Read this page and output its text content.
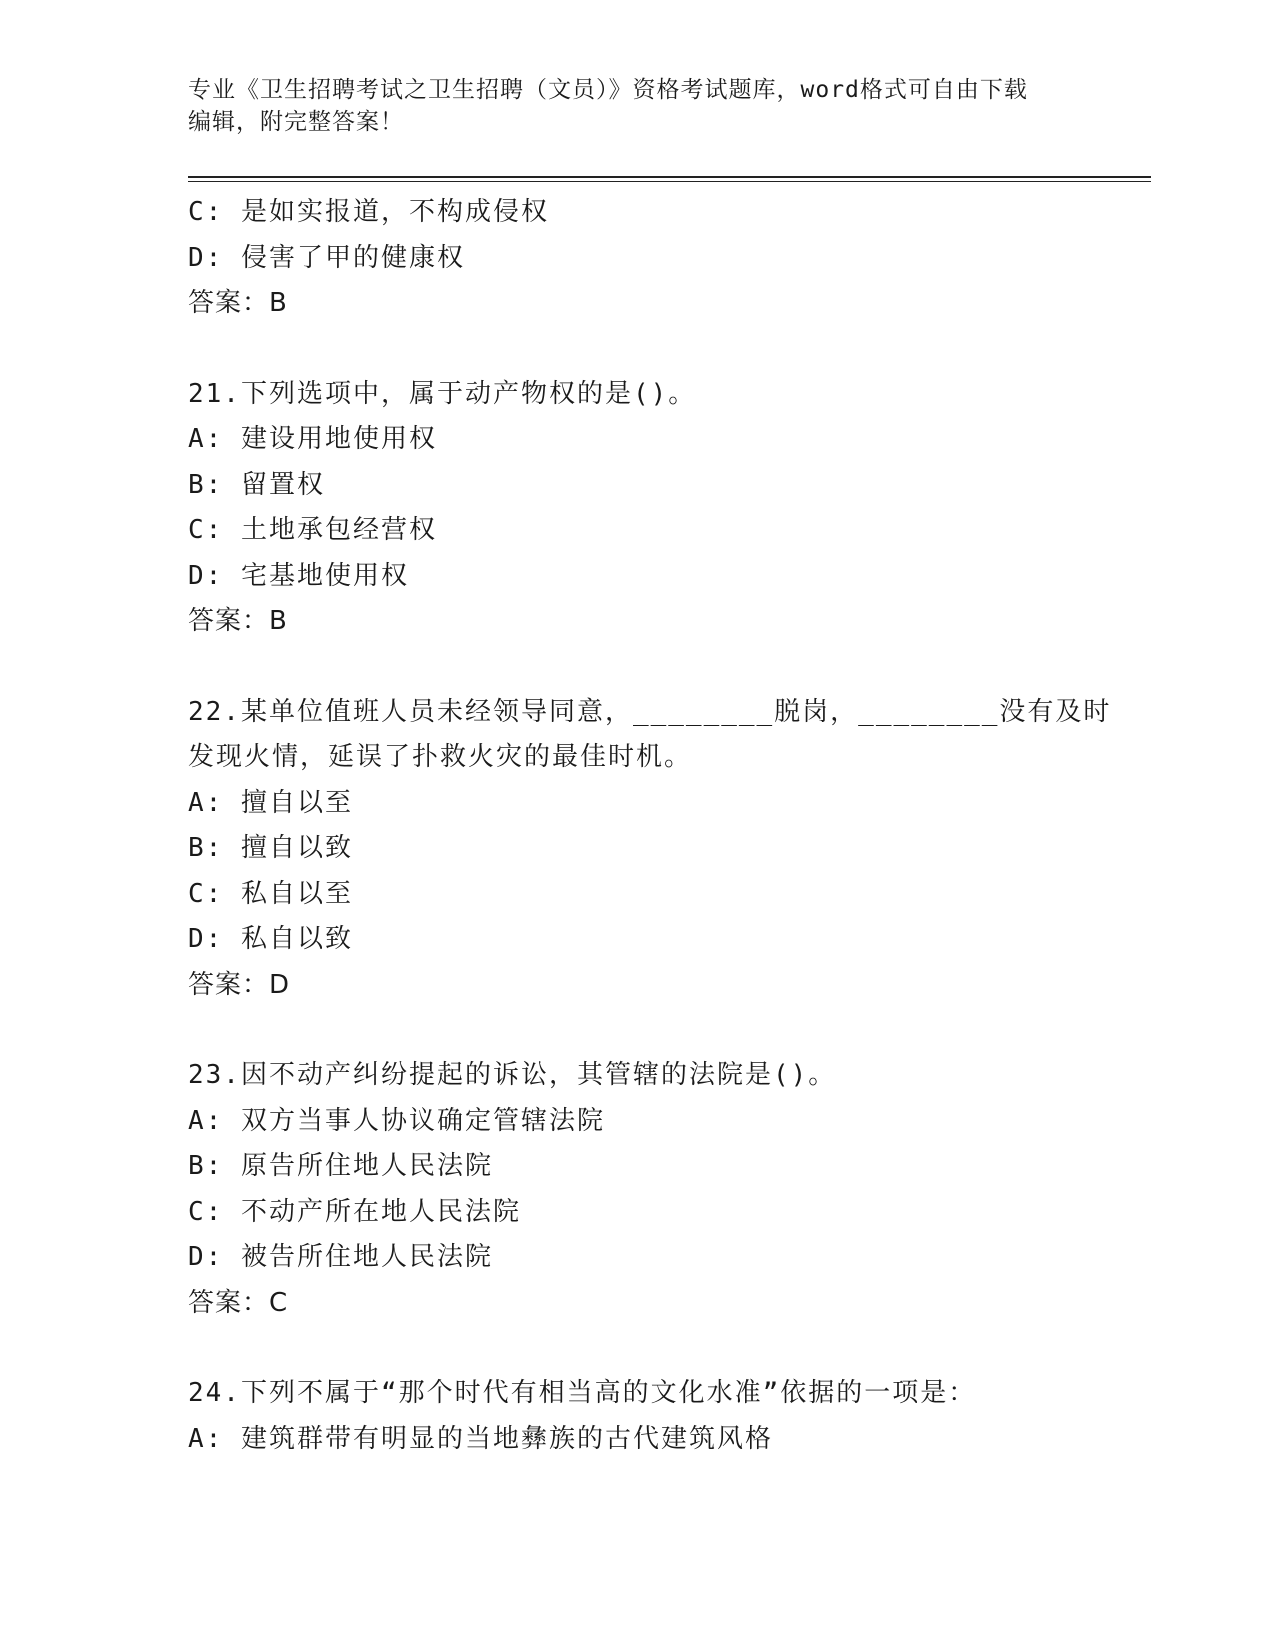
专业《卫生招聘考试之卫生招聘（文员）》资格考试题库，word格式可自由下载
编辑，附完整答案！
C: 是如实报道，不构成侵权
D: 侵害了甲的健康权
答案：B
21.下列选项中，属于动产物权的是()。
A: 建设用地使用权
B: 留置权
C: 土地承包经营权
D: 宅基地使用权
答案：B
22.某单位值班人员未经领导同意，________脱岗，________没有及时
发现火情，延误了扑救火灾的最佳时机。
A: 擅自以至
B: 擅自以致
C: 私自以至
D: 私自以致
答案：D
23.因不动产纠纷提起的诉讼，其管辖的法院是()。
A: 双方当事人协议确定管辖法院
B: 原告所住地人民法院
C: 不动产所在地人民法院
D: 被告所住地人民法院
答案：C
24.下列不属于“那个时代有相当高的文化水准”依据的一项是：
A: 建筑群带有明显的当地彝族的古代建筑风格
